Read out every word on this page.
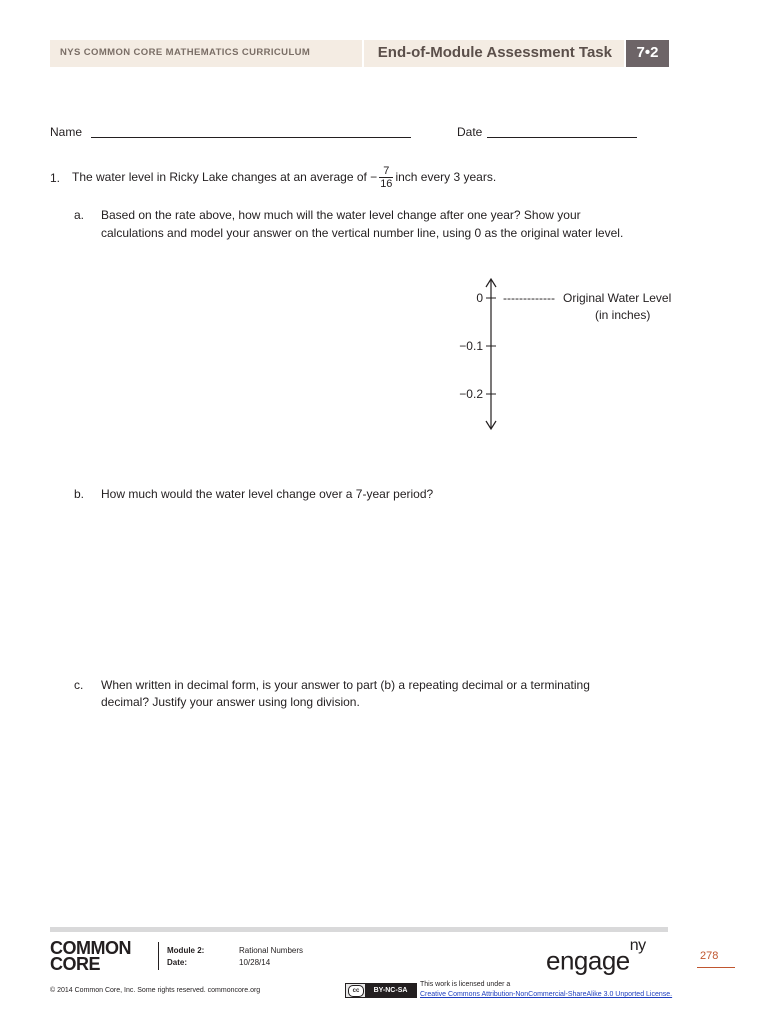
NYS COMMON CORE MATHEMATICS CURRICULUM	End-of-Module Assessment Task	7•2
Name	Date
1. The water level in Ricky Lake changes at an average of − $\frac{7}{16}$ inch every 3 years.
a. Based on the rate above, how much will the water level change after one year? Show your
calculations and model your answer on the vertical number line, using 0 as the original water level.
0
−0.1
−0.2
------------- Original Water Level
(in inches)
b. How much would the water level change over a 7-year period?
c. When written in decimal form, is your answer to part (b) a repeating decimal or a terminating
decimal? Justify your answer using long division.
COMMON
CORE
Module 2:	Rational Numbers
Date:	10/28/14
© 2014 Common Core, Inc. Some rights reserved. commoncore.org	cc	BY-NC-SA
This work is licensed under a
Creative Commons Attribution-NonCommercial-ShareAlike 3.0 Unported License.
engage$^{ny}$
278
